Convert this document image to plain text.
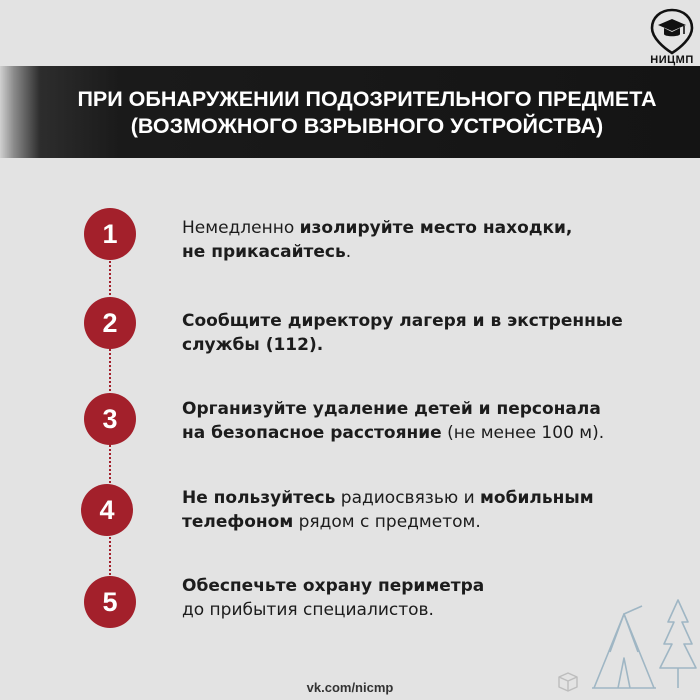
НИЦМП
ПРИ ОБНАРУЖЕНИИ ПОДОЗРИТЕЛЬНОГО ПРЕДМЕТА
(ВОЗМОЖНОГО ВЗРЫВНОГО УСТРОЙСТВА)
1	Немедленно изолируйте место находки,
не прикасайтесь.

2	Сообщите директору лагеря и в экстренные
службы (112).

3	Организуйте удаление детей и персонала
на безопасное расстояние (не менее 100 м).

4	Не пользуйтесь радиосвязью и мобильным
телефоном рядом с предметом.

5

Обеспечьте охрану периметра
до прибытия специалистов.

vk.com/nicmp
